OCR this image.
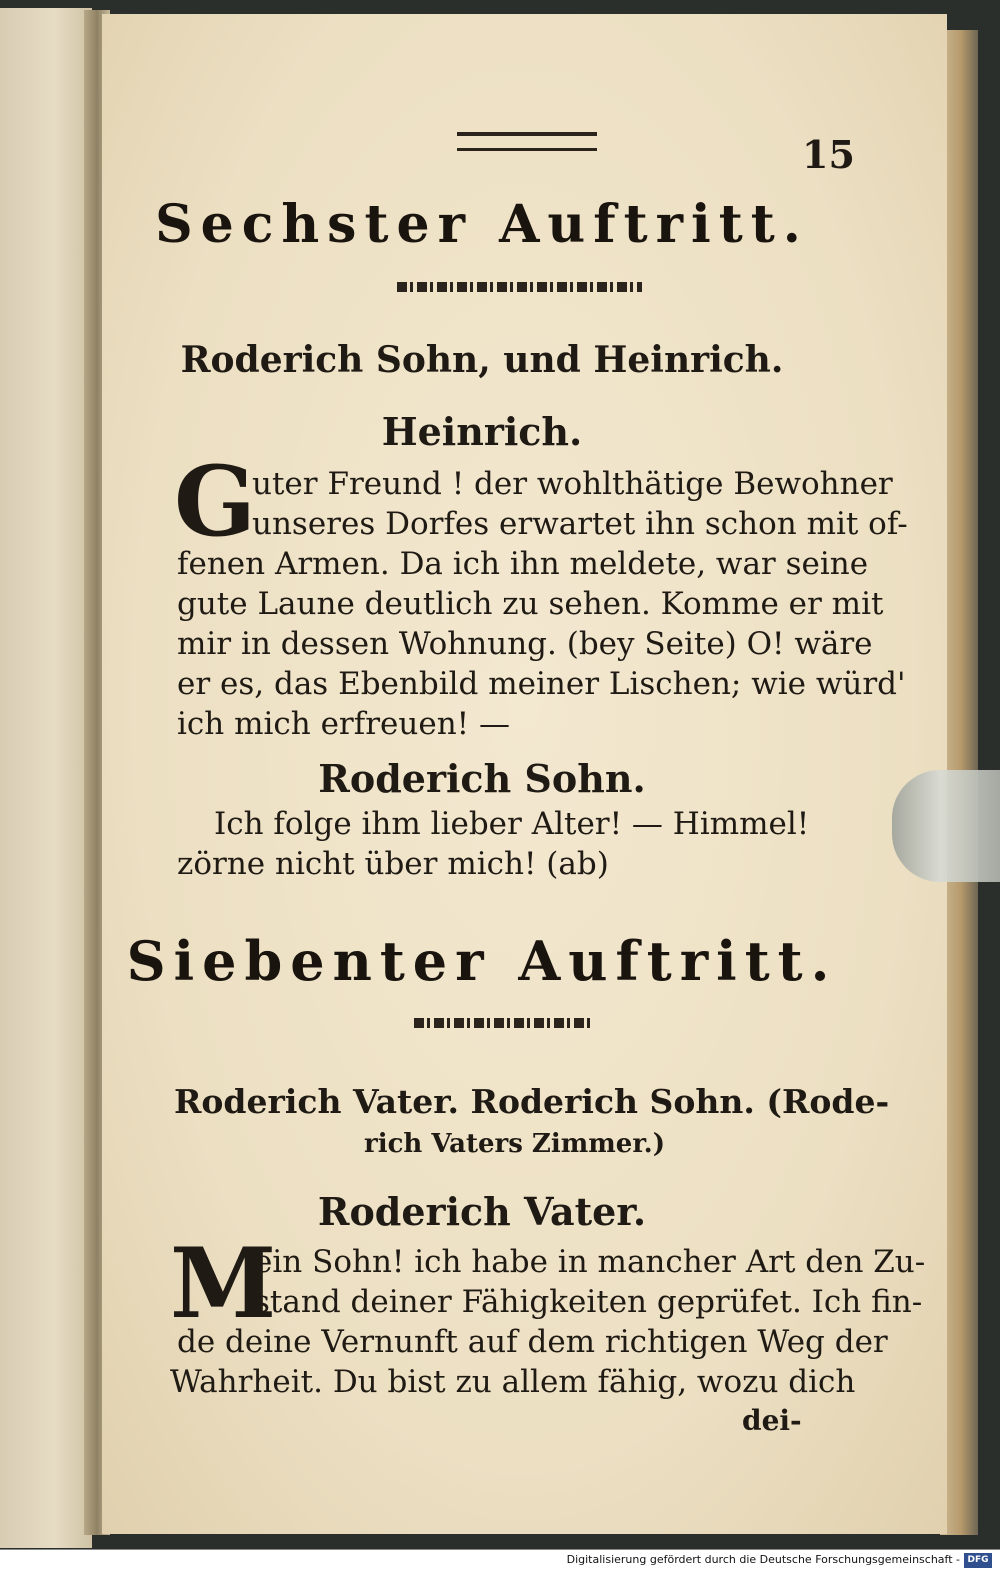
15
Sechster Auftritt.
Roderich Sohn, und Heinrich.
Heinrich.
G
uter Freund ! der wohlthätige Bewohner
unseres Dorfes erwartet ihn schon mit of-
fenen Armen. Da ich ihn meldete, war seine
gute Laune deutlich zu sehen. Komme er mit
mir in dessen Wohnung. (bey Seite) O! wäre
er es, das Ebenbild meiner Lischen; wie würd'
ich mich erfreuen! —
Roderich Sohn.
Ich folge ihm lieber Alter! — Himmel!
zörne nicht über mich! (ab)
Siebenter Auftritt.
Roderich Vater. Roderich Sohn. (Rode-
rich Vaters Zimmer.)
Roderich Vater.
M
ein Sohn! ich habe in mancher Art den Zu-
stand deiner Fähigkeiten geprüfet. Ich fin-
de deine Vernunft auf dem richtigen Weg der
Wahrheit. Du bist zu allem fähig, wozu dich
dei-
Digitalisierung gefördert durch die Deutsche Forschungsgemeinschaft - DFG
